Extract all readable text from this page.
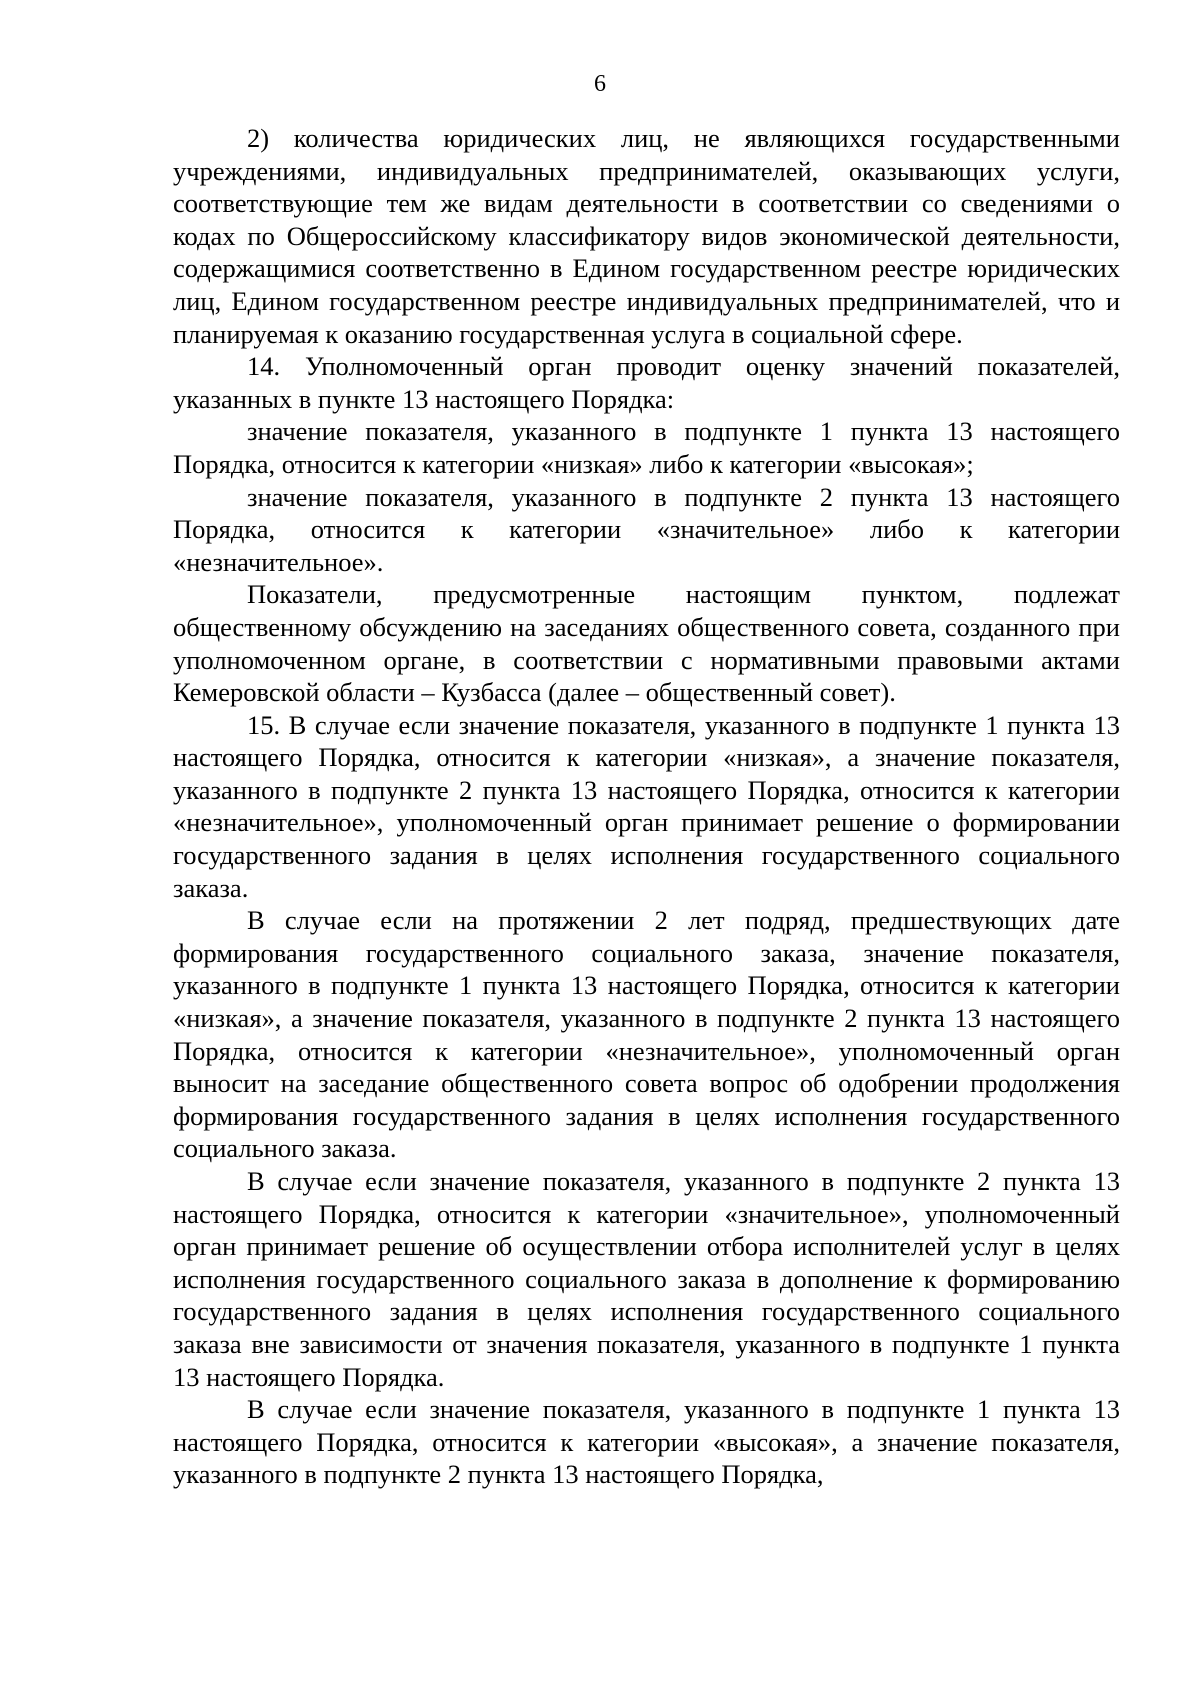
6

2) количества юридических лиц, не являющихся государственными учреждениями, индивидуальных предпринимателей, оказывающих услуги, соответствующие тем же видам деятельности в соответствии со сведениями о кодах по Общероссийскому классификатору видов экономической деятельности, содержащимися соответственно в Едином государственном реестре юридических лиц, Едином государственном реестре индивидуальных предпринимателей, что и планируемая к оказанию государственная услуга в социальной сфере.

14. Уполномоченный орган проводит оценку значений показателей, указанных в пункте 13 настоящего Порядка:

значение показателя, указанного в подпункте 1 пункта 13 настоящего Порядка, относится к категории «низкая» либо к категории «высокая»;

значение показателя, указанного в подпункте 2 пункта 13 настоящего Порядка, относится к категории «значительное» либо к категории «незначительное».

Показатели, предусмотренные настоящим пунктом, подлежат общественному обсуждению на заседаниях общественного совета, созданного при уполномоченном органе, в соответствии с нормативными правовыми актами Кемеровской области – Кузбасса (далее – общественный совет).

15. В случае если значение показателя, указанного в подпункте 1 пункта 13 настоящего Порядка, относится к категории «низкая», а значение показателя, указанного в подпункте 2 пункта 13 настоящего Порядка, относится к категории «незначительное», уполномоченный орган принимает решение о формировании государственного задания в целях исполнения государственного социального заказа.

В случае если на протяжении 2 лет подряд, предшествующих дате формирования государственного социального заказа, значение показателя, указанного в подпункте 1 пункта 13 настоящего Порядка, относится к категории «низкая», а значение показателя, указанного в подпункте 2 пункта 13 настоящего Порядка, относится к категории «незначительное», уполномоченный орган выносит на заседание общественного совета вопрос об одобрении продолжения формирования государственного задания в целях исполнения государственного социального заказа.

В случае если значение показателя, указанного в подпункте 2 пункта 13 настоящего Порядка, относится к категории «значительное», уполномоченный орган принимает решение об осуществлении отбора исполнителей услуг в целях исполнения государственного социального заказа в дополнение к формированию государственного задания в целях исполнения государственного социального заказа вне зависимости от значения показателя, указанного в подпункте 1 пункта 13 настоящего Порядка.

В случае если значение показателя, указанного в подпункте 1 пункта 13 настоящего Порядка, относится к категории «высокая», а значение показателя, указанного в подпункте 2 пункта 13 настоящего Порядка,
